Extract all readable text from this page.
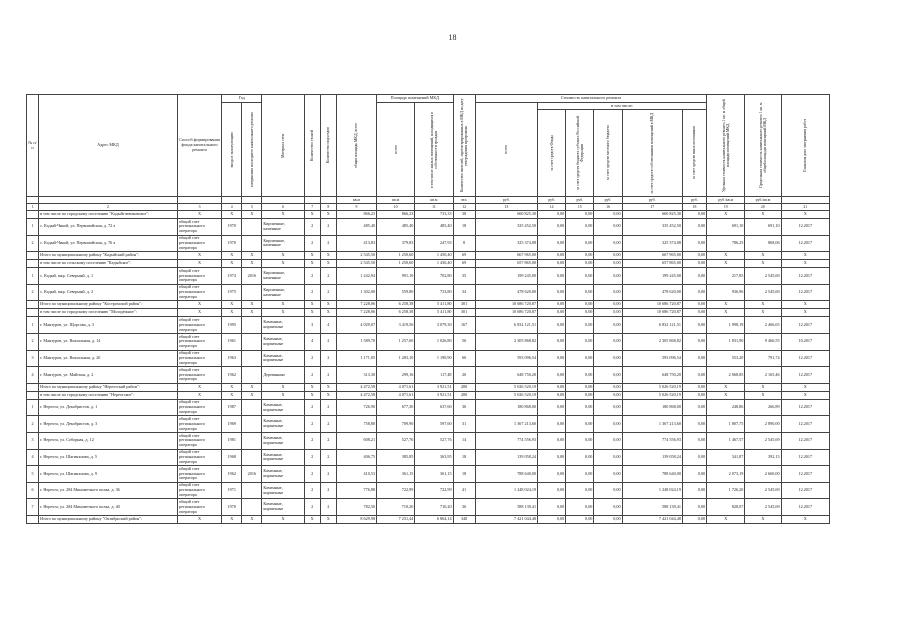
18
№ п/п	Адрес МКД	Способ формирования фонда капитального ремонта	Год		Материал стен	Количество этажей	Количество подъездов	общая площадь МКД, всего	Площадь помещений МКД		Количество жителей, зарегистрированных в МКД на дату утверждения программы	Стоимость капитального ремонта						Удельная стоимость капитального ремонта 1 кв. м общей площади помещений МКД	Предельная стоимость капитального ремонта 1 кв. м общей площади помещений МКД	Плановая дата завершения работ

			ввода в эксплуатацию	завершения последнего капитального ремонта					всего	в том числе жилых помещений, находящихся в собственности граждан		всего	в том числе:							

													за счет средств Фонда	за счет средств бюджета субъекта Российской Федерации	за счет средств местного бюджета	за счет средств собственников помещений в МКД	за счет средств иных источников			

								кв.м	кв.м	кв.м	чел.	руб.	руб.	руб.	руб.	руб.	руб.	руб./кв.м	руб./кв.м	
1	2	3	4	5	6	7	8	9	10	11	12	13	14	15	16	17	18	19	20	21
	в том числе по городскому поселению "Кадыйгчевиковское":	X	X	X	X	X	X	866,23	866,23	733,33	38	660 825,30	0,00	0,00	0,00	660 825,30	0,00	X	X	X
1	с. Кадый-Чикой, ул. Первомайская, д. 72 а	общий счет регионального оператора	1970		Кирпичные, каменные	2	2	485,40	485,40	485,40	18	335 452,50	0,00	0,00	0,00	335 452,50	0,00	691,10	691,10	12.2017
2	с. Кадый-Чикой, ул. Первомайская, д. 76 а	общий счет регионального оператора	1970		Кирпичные, каменные	2	2	413,83	379,83	247,93	8	325 374,08	0,00	0,00	0,00	325 374,08	0,00	786,25	868,06	12.2017
	Итого по муниципальному району "Кадыйский район":	X	X	X	X	X	X	2 545,50	1 250,60	1 450,40	69	667 965,00	0,00	0,00	0,00	667 965,00	0,00	X	X	X
	в том числе по сельскому поселению "Кадыйское":	X	X	X	X	X	X	2 545,50	1 250,60	1 436,40	69	657 865,00	0,00	0,00	0,00	657 865,00	0,00	X	X	X
1	с. Кадый, мкр. Северный, д. 1	общий счет регионального оператора	1974	2016	Кирпичные, каменные	2	2	1 242,94	991,10	702,80	35	199 245,00	0,00	0,00	0,00	199 245,00	0,00	217,85	2 545,69	12.2017
2	с. Кадый, мкр. Северный, д. 2	общий счет регионального оператора	1975		Кирпичные, каменные	2	2	1 302,00	559,80	733,80	34	478 620,00	0,00	0,00	0,00	478 620,00	0,00	936,96	2 545,69	12.2017
	Итого по муниципальному району "Костромской район":	X	X	X	X	X	X	7 228,06	6 258,38	5 411,80	301	10 686 720,87	0,00	0,00	0,00	10 686 720,87	0,00	X	X	X
	в том числе по городскому поселению "Молодёжное":	X	X	X	X	X	X	7 228,06	6 258,38	5 411,80	301	10 686 720,87	0,00	0,00	0,00	10 686 720,87	0,00	X	X	X
1	г. Мантуров, ул. Щорсова, д. 3	общий счет регионального оператора	1995		Каменные, кирпичные	3	4	4 029,07	3 419,56	3 079,30	167	6 832 121,51	0,00	0,00	0,00	6 832 121,51	0,00	1 998,19	2 466,65	12.2017
2	г. Мантуров, ул. Вокзальная, д. 14	общий счет регионального оператора	1961		Каменные, кирпичные	4	2	1 589,70	1 257,60	1 026,80	56	2 305 868,82	0,00	0,00	0,00	2 305 868,82	0,00	1 831,90	9 466,55	10.2017
3	г. Мантуров, ул. Вокзальная, д. 20	общий счет регионального оператора	1963		Каменные, кирпичные	2	2	1 171,05	1 283,10	1 190,90	66	593 096,54	0,00	0,00	0,00	593 096,54	0,00	553,20	791,74	12.2017
4	г. Мантуров, ул. Майская, д. 2	общий счет регионального оператора	1962		Деревянные	2	2	313,30	299,16	117,48	20	648 750,20	0,00	0,00	0,00	648 750,20	0,00	2 068,85	2 165,46	12.2017
	Итого по муниципальному району "Нерехтский район":	X	X	X	X	X	X	4 472,58	4 071,61	3 921,51	200	5 026 520,19	0,00	0,00	0,00	5 026 520,19	0,00	X	X	X
	в том числе по городскому поселению "Нерехтское":	X	X	X	X	X	X	4 472,58	4 071,61	3 921,51	200	5 026 520,19	0,00	0,00	0,00	5 026 520,19	0,00	X	X	X
1	г. Нерехта, ул. Декабристов, д. 1	общий счет регионального оператора	1987		Каменные, кирпичные	2	2	726,90	677,30	637,60	36	180 868,00	0,00	0,00	0,00	180 868,00	0,00	248,86	266,89	12.2017
2	г. Нерехта, ул. Декабристов, д. 3	общий счет регионального оператора	1969		Каменные, кирпичные	2	2	758,80	709,90	597,60	31	1 367 213,60	0,00	0,00	0,00	1 367 213,60	0,00	1 807,75	2 890,00	12.2017
3	г. Нерехта, ул. Соборная, д. 12	общий счет регионального оператора	1981		Каменные, кирпичные	2	2	608,21	527,76	527,76	14	774 556,93	0,00	0,00	0,00	774 556,93	0,00	1 467,57	2 545,69	12.2017
4	г. Нерехта, ул. Шагинхнова, д. 5	общий счет регионального оператора	1968		Каменные, кирпичные	2	2	406,75	385,85	363,95	18	139 058,24	0,00	0,00	0,00	139 058,24	0,00	341,87	392,13	12.2017
5	г. Нерехта, ул. Шагинхнова, д. 9	общий счет регионального оператора	1962	2016	Каменные, кирпичные	2	2	410,53	361,15	361,15	18	788 640,00	0,00	0,00	0,00	788 640,00	0,00	2 073,19	2 660,00	12.2017
6	г. Нерехта, ул. 284 Минометного полка, д. 36	общий счет регионального оператора	1971		Каменные, кирпичные	2	2	776,88	722,99	722,99	41	1 248 024,19	0,00	0,00	0,00	1 248 024,19	0,00	1 726,20	2 545,69	12.2017
7	г. Нерехта, ул. 284 Минометного полка, д. 40	общий счет регионального оператора	1970		Каменные, кирпичные	2	2	782,50	710,20	710,20	36	588 139,41	0,00	0,00	0,00	588 139,41	0,00	828,07	2 545,69	12.2017
	Итого по муниципальному району "Октябрьский район":	X	X	X	X	X	X	8 629,98	7 231,44	6 864,14	340	7 421 044,48	0,00	0,00	0,00	7 421 044,48	0,00	X	X	X
